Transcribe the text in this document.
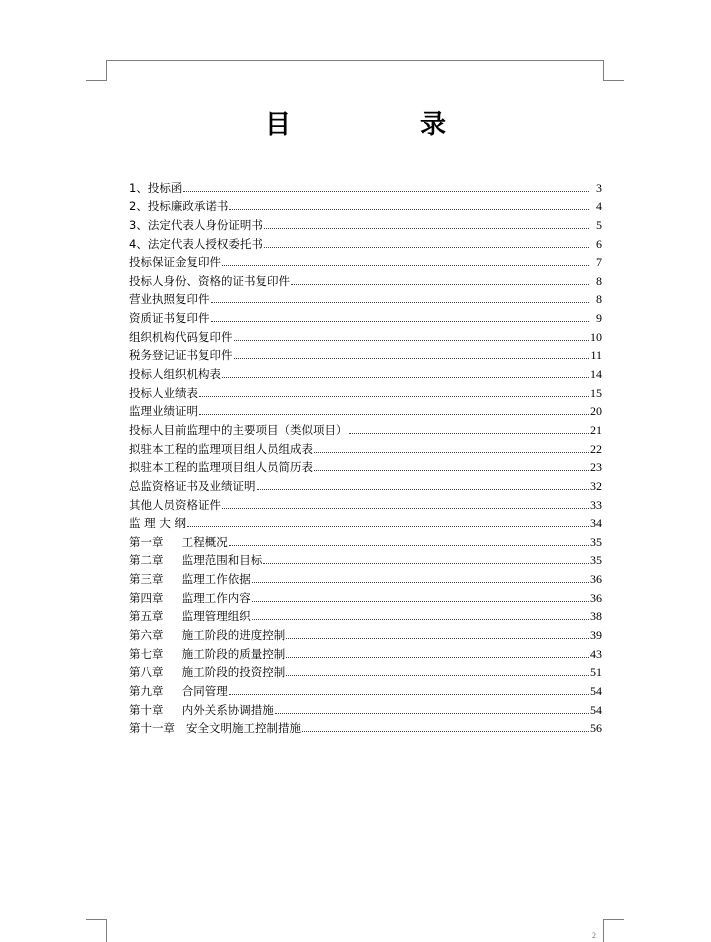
目 录
1、投标函	3
2、投标廉政承诺书	4
3、法定代表人身份证明书	5
4、法定代表人授权委托书	6
投标保证金复印件	7
投标人身份、资格的证书复印件	8
营业执照复印件	8
资质证书复印件	9
组织机构代码复印件	10
税务登记证书复印件	11
投标人组织机构表	14
投标人业绩表	15
监理业绩证明	20
投标人目前监理中的主要项目（类似项目）	21
拟驻本工程的监理项目组人员组成表	22
拟驻本工程的监理项目组人员简历表	23
总监资格证书及业绩证明	32
其他人员资格证件	33
监 理 大 纲	34
第一章     工程概况	35
第二章     监理范围和目标	35
第三章     监理工作依据	36
第四章     监理工作内容	36
第五章     监理管理组织	38
第六章     施工阶段的进度控制	39
第七章     施工阶段的质量控制	43
第八章     施工阶段的投资控制	51
第九章     合同管理	54
第十章     内外关系协调措施	54
第十一章   安全文明施工控制措施	56
2
